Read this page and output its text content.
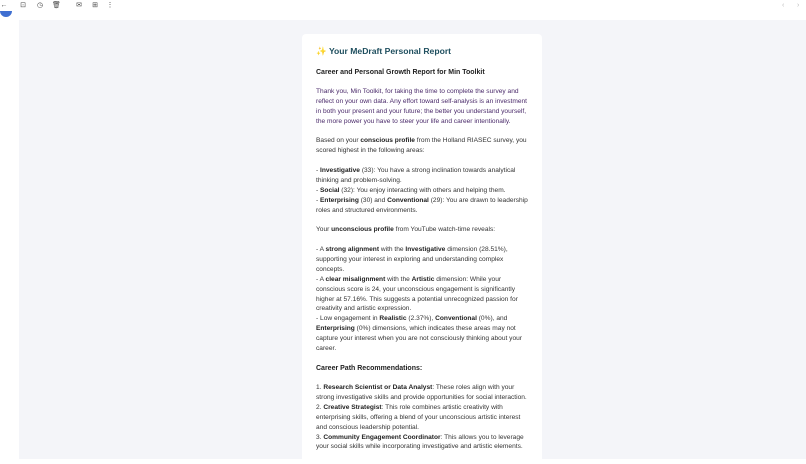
← ⊡ ◷ 🗑 ✉ ⊞ ⋮	‹ ›
✨ Your MeDraft Personal Report
Career and Personal Growth Report for Min Toolkit
Thank you, Min Toolkit, for taking the time to complete the survey and reflect on your own data. Any effort toward self-analysis is an investment in both your present and your future; the better you understand yourself, the more power you have to steer your life and career intentionally.
Based on your conscious profile from the Holland RIASEC survey, you scored highest in the following areas:
- Investigative (33): You have a strong inclination towards analytical thinking and problem-solving.
- Social (32): You enjoy interacting with others and helping them.
- Enterprising (30) and Conventional (29): You are drawn to leadership roles and structured environments.
Your unconscious profile from YouTube watch-time reveals:
- A strong alignment with the Investigative dimension (28.51%), supporting your interest in exploring and understanding complex concepts.
- A clear misalignment with the Artistic dimension: While your conscious score is 24, your unconscious engagement is significantly higher at 57.16%. This suggests a potential unrecognized passion for creativity and artistic expression.
- Low engagement in Realistic (2.37%), Conventional (0%), and Enterprising (0%) dimensions, which indicates these areas may not capture your interest when you are not consciously thinking about your career.
Career Path Recommendations:
1. Research Scientist or Data Analyst: These roles align with your strong investigative skills and provide opportunities for social interaction.
2. Creative Strategist: This role combines artistic creativity with enterprising skills, offering a blend of your unconscious artistic interest and conscious leadership potential.
3. Community Engagement Coordinator: This allows you to leverage your social skills while incorporating investigative and artistic elements.
